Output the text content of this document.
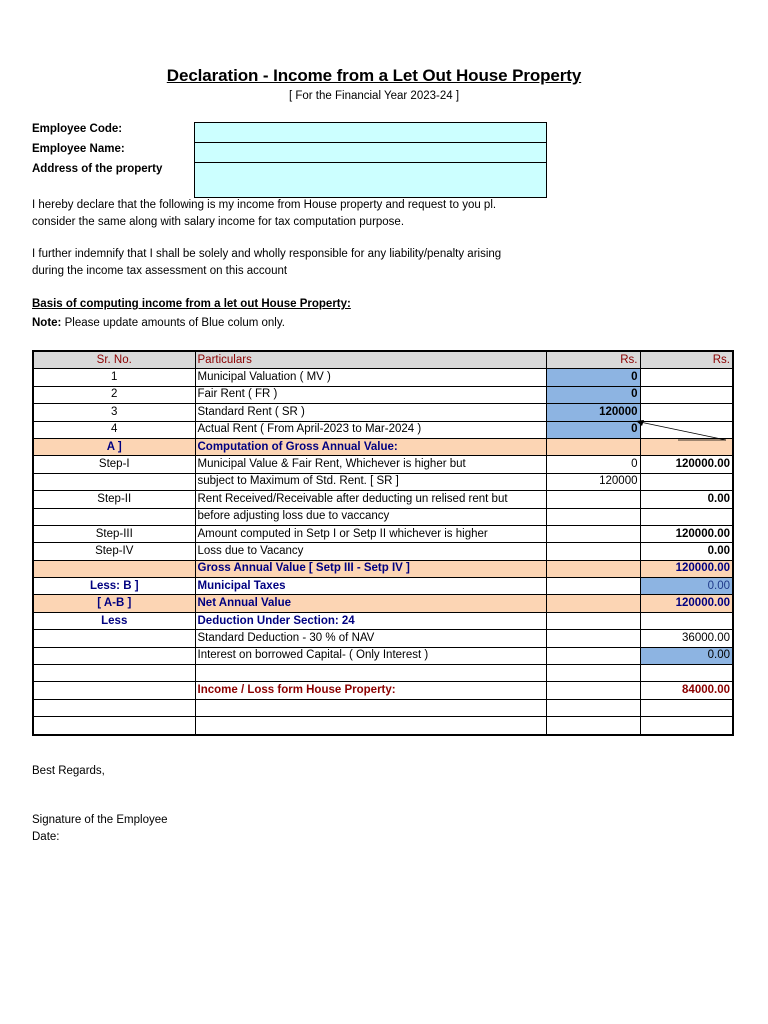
Declaration - Income from a Let Out House Property
[ For the Financial Year 2023-24 ]
Employee Code:
Employee Name:
Address of the property
I hereby declare that the following is my income from House property and request to you pl. consider the same along with salary income for tax computation purpose.
I further indemnify that I shall be solely and wholly responsible for any liability/penalty arising during the income tax assessment on this account
Basis of computing income from a let out House Property:
Note: Please update amounts of Blue colum only.
Sr. No.	Particulars	Rs.	Rs.
1	Municipal Valuation ( MV )	0	
2	Fair Rent ( FR )	0	
3	Standard Rent ( SR )	120000	
4	Actual Rent ( From April-2023 to Mar-2024 )	0	
A ]	Computation of Gross Annual Value:		
Step-I	Municipal Value & Fair Rent, Whichever is higher but	0	120000.00
	subject to Maximum of Std. Rent. [ SR ]	120000	
Step-II	Rent Received/Receivable after deducting un relised rent but		0.00
	before adjusting loss due to vaccancy		
Step-III	Amount computed in Setp I or Setp II whichever is higher		120000.00
Step-IV	Loss due to Vacancy		0.00
	Gross Annual Value [ Setp III - Setp IV ]		120000.00
Less: B ]	Municipal Taxes		0.00
[ A-B ]	Net Annual Value		120000.00
Less	Deduction Under Section: 24		
	Standard Deduction - 30 % of NAV		36000.00
	Interest on borrowed Capital- ( Only Interest )		0.00

	Income / Loss form House Property:		84000.00

Best Regards,
Signature of the Employee
Date:
